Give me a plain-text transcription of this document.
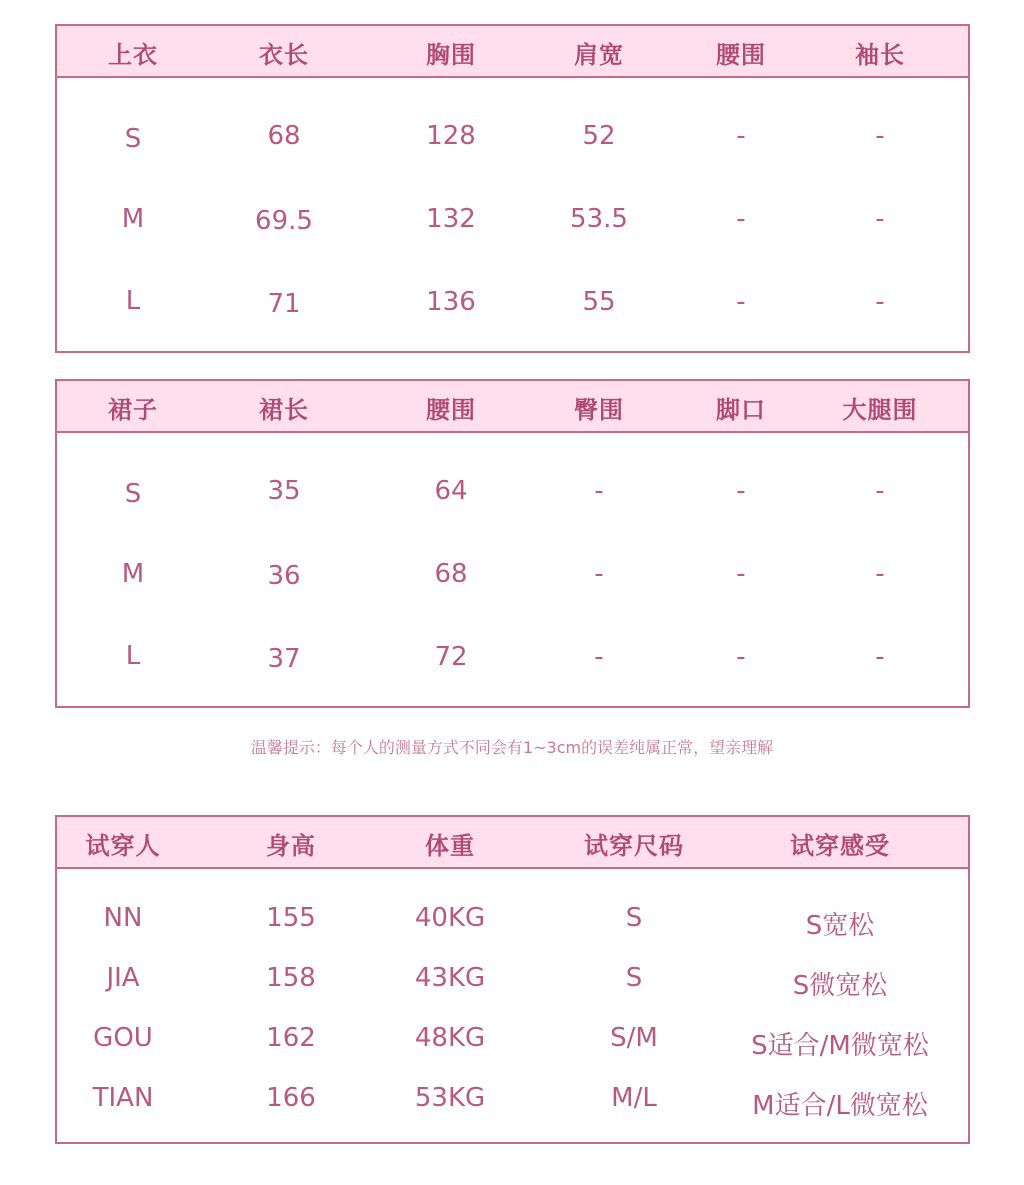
上衣	衣长	胸围	肩宽	腰围	袖长
S	68	128	52	-	-
M	69.5	132	53.5	-	-
L	71	136	55	-	-
裙子	裙长	腰围	臀围	脚口	大腿围
S	35	64	-	-	-
M	36	68	-	-	-
L	37	72	-	-	-
温馨提示：每个人的测量方式不同会有1~3cm的误差纯属正常，望亲理解
试穿人	身高	体重	试穿尺码	试穿感受
NN	155	40KG	S	S宽松
JIA	158	43KG	S	S微宽松
GOU	162	48KG	S/M	S适合/M微宽松
TIAN	166	53KG	M/L	M适合/L微宽松
